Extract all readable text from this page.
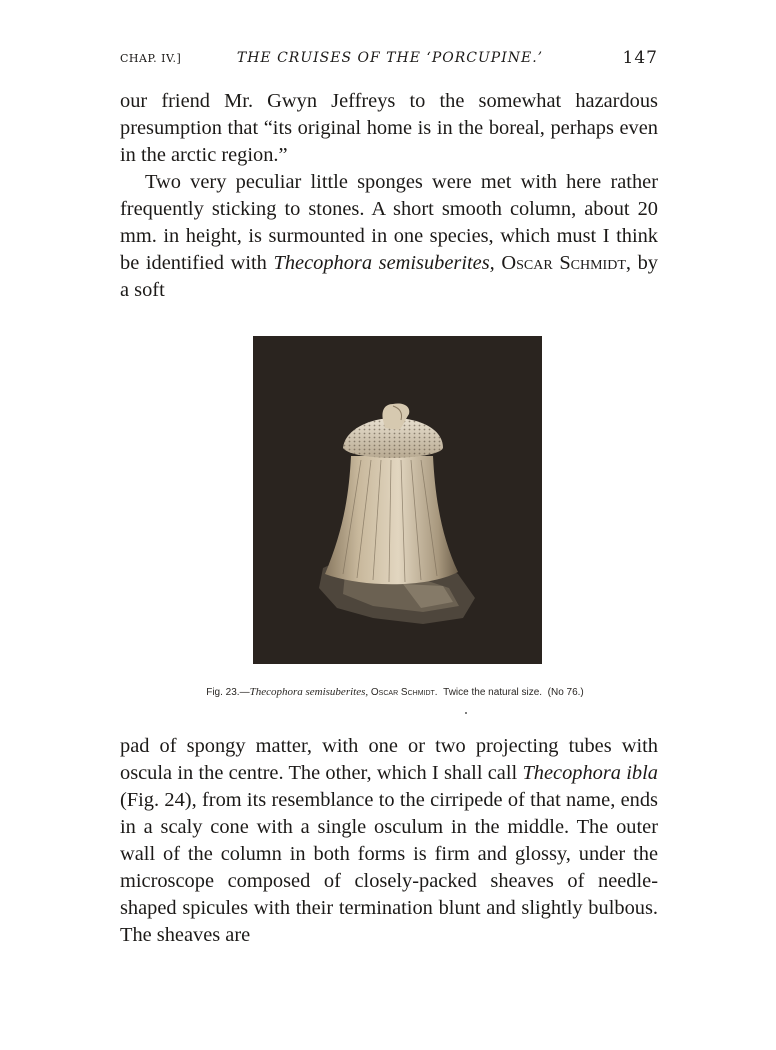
CHAP. IV.]	THE CRUISES OF THE ‘PORCUPINE.’	147

our friend Mr. Gwyn Jeffreys to the somewhat hazardous presumption that “its original home is in the boreal, perhaps even in the arctic region.”

Two very peculiar little sponges were met with here rather frequently sticking to stones. A short smooth column, about 20 mm. in height, is surmounted in one species, which must I think be identified with Thecophora semisuberites, Oscar Schmidt, by a soft

Fig. 23.—Thecophora semisuberites, Oscar Schmidt. Twice the natural size. (No 76.)

pad of spongy matter, with one or two projecting tubes with oscula in the centre. The other, which I shall call Thecophora ibla (Fig. 24), from its resemblance to the cirripede of that name, ends in a scaly cone with a single osculum in the middle. The outer wall of the column in both forms is firm and glossy, under the microscope composed of closely-packed sheaves of needle-shaped spicules with their termination blunt and slightly bulbous. The sheaves are
